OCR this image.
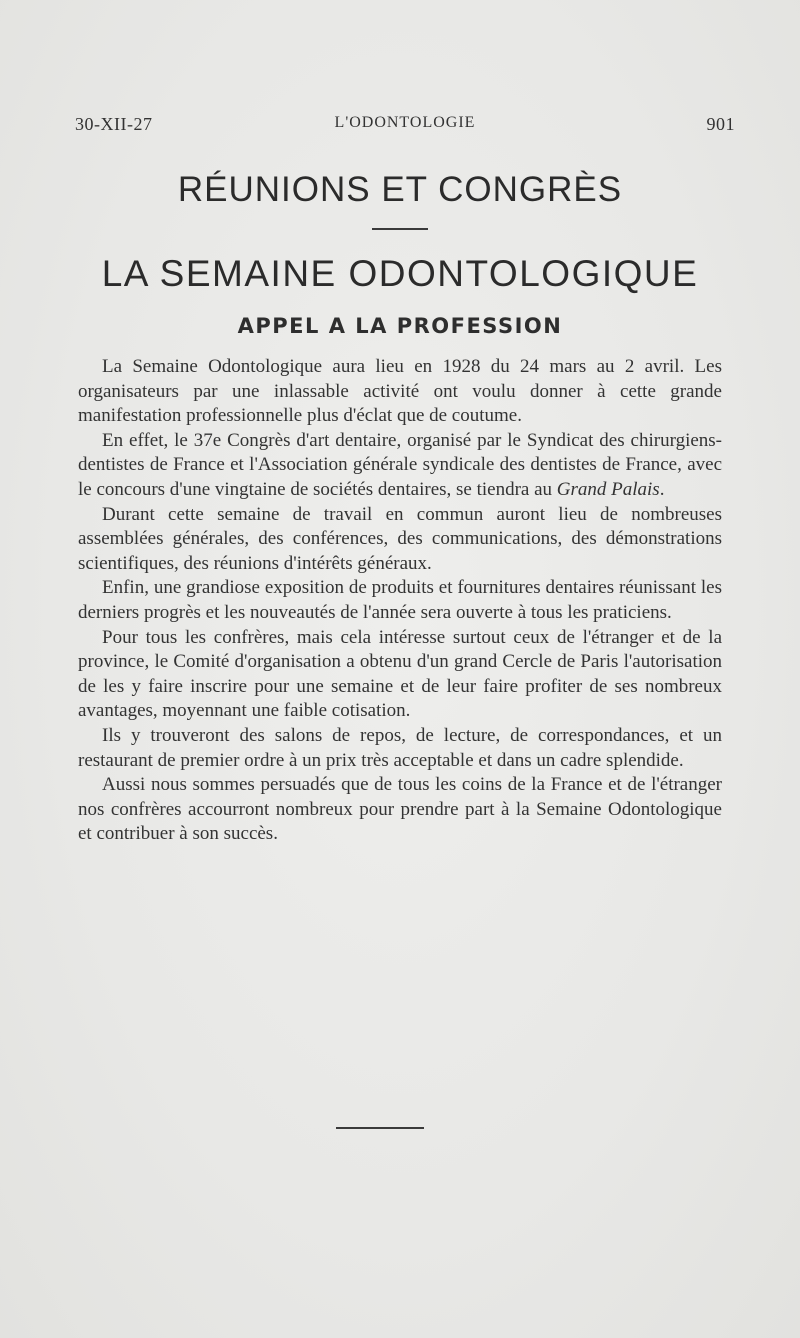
30-XII-27	L'ODONTOLOGIE	901
RÉUNIONS ET CONGRÈS
LA SEMAINE ODONTOLOGIQUE
APPEL A LA PROFESSION

La Semaine Odontologique aura lieu en 1928 du 24 mars au 2 avril. Les organisateurs par une inlassable activité ont voulu donner à cette grande manifestation professionnelle plus d'éclat que de coutume.

En effet, le 37e Congrès d'art dentaire, organisé par le Syndicat des chirurgiens-dentistes de France et l'Association générale syndicale des dentistes de France, avec le concours d'une vingtaine de sociétés dentaires, se tiendra au Grand Palais.

Durant cette semaine de travail en commun auront lieu de nombreuses assemblées générales, des conférences, des communications, des démonstrations scientifiques, des réunions d'intérêts généraux.

Enfin, une grandiose exposition de produits et fournitures dentaires réunissant les derniers progrès et les nouveautés de l'année sera ouverte à tous les praticiens.

Pour tous les confrères, mais cela intéresse surtout ceux de l'étranger et de la province, le Comité d'organisation a obtenu d'un grand Cercle de Paris l'autorisation de les y faire inscrire pour une semaine et de leur faire profiter de ses nombreux avantages, moyennant une faible cotisation.

Ils y trouveront des salons de repos, de lecture, de correspondances, et un restaurant de premier ordre à un prix très acceptable et dans un cadre splendide.

Aussi nous sommes persuadés que de tous les coins de la France et de l'étranger nos confrères accourront nombreux pour prendre part à la Semaine Odontologique et contribuer à son succès.
